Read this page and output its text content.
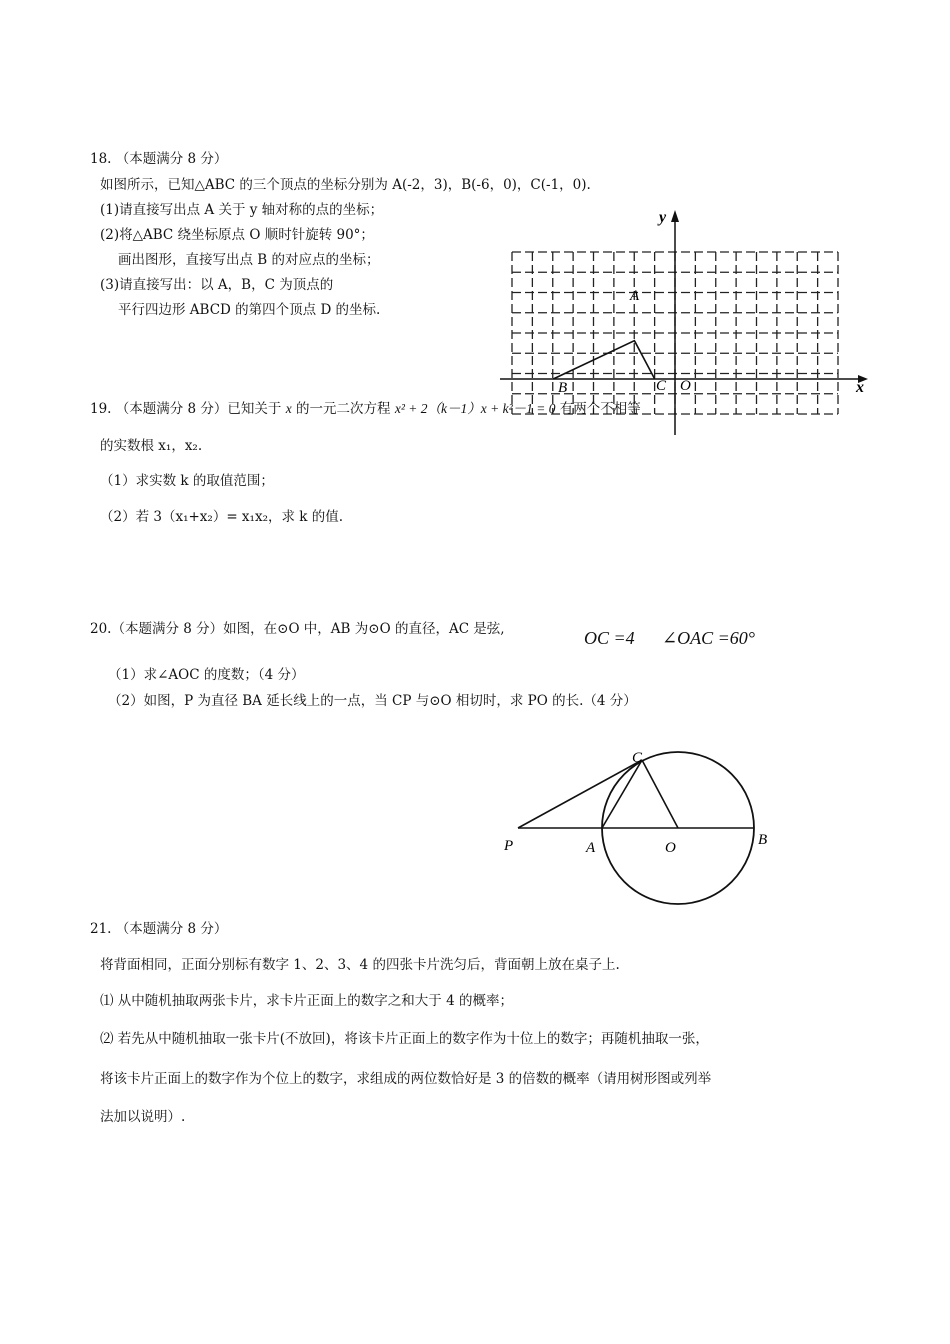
18. （本题满分 8 分）
如图所示，已知△ABC 的三个顶点的坐标分别为 A(-2，3)，B(-6，0)，C(-1，0).
(1)请直接写出点 A 关于 y 轴对称的点的坐标；
(2)将△ABC 绕坐标原点 O 顺时针旋转 90°；
画出图形，直接写出点 B 的对应点的坐标；
(3)请直接写出：以 A，B，C 为顶点的
平行四边形 ABCD 的第四个顶点 D 的坐标.
x
y
A
B	C O
19. （本题满分 8 分）已知关于 x 的一元二次方程 x² + 2（k－1）x + k²－1 = 0 有两个不相等
的实数根 x₁，x₂.
（1）求实数 k 的取值范围；
（2）若 3（x₁+x₂）= x₁x₂，求 k 的值.
20.（本题满分 8 分）如图，在⊙O 中，AB 为⊙O 的直径，AC 是弦,	OC =4 ∠OAC =60°
（1）求∠AOC 的度数；（4 分）
（2）如图，P 为直径 BA 延长线上的一点，当 CP 与⊙O 相切时，求 PO 的长.（4 分）
C
P	A	O	B
21. （本题满分 8 分）
将背面相同，正面分别标有数字 1、2、3、4 的四张卡片洗匀后，背面朝上放在桌子上.
⑴ 从中随机抽取两张卡片，求卡片正面上的数字之和大于 4 的概率；
⑵ 若先从中随机抽取一张卡片(不放回)，将该卡片正面上的数字作为十位上的数字；再随机抽取一张，
将该卡片正面上的数字作为个位上的数字，求组成的两位数恰好是 3 的倍数的概率（请用树形图或列举
法加以说明）.
